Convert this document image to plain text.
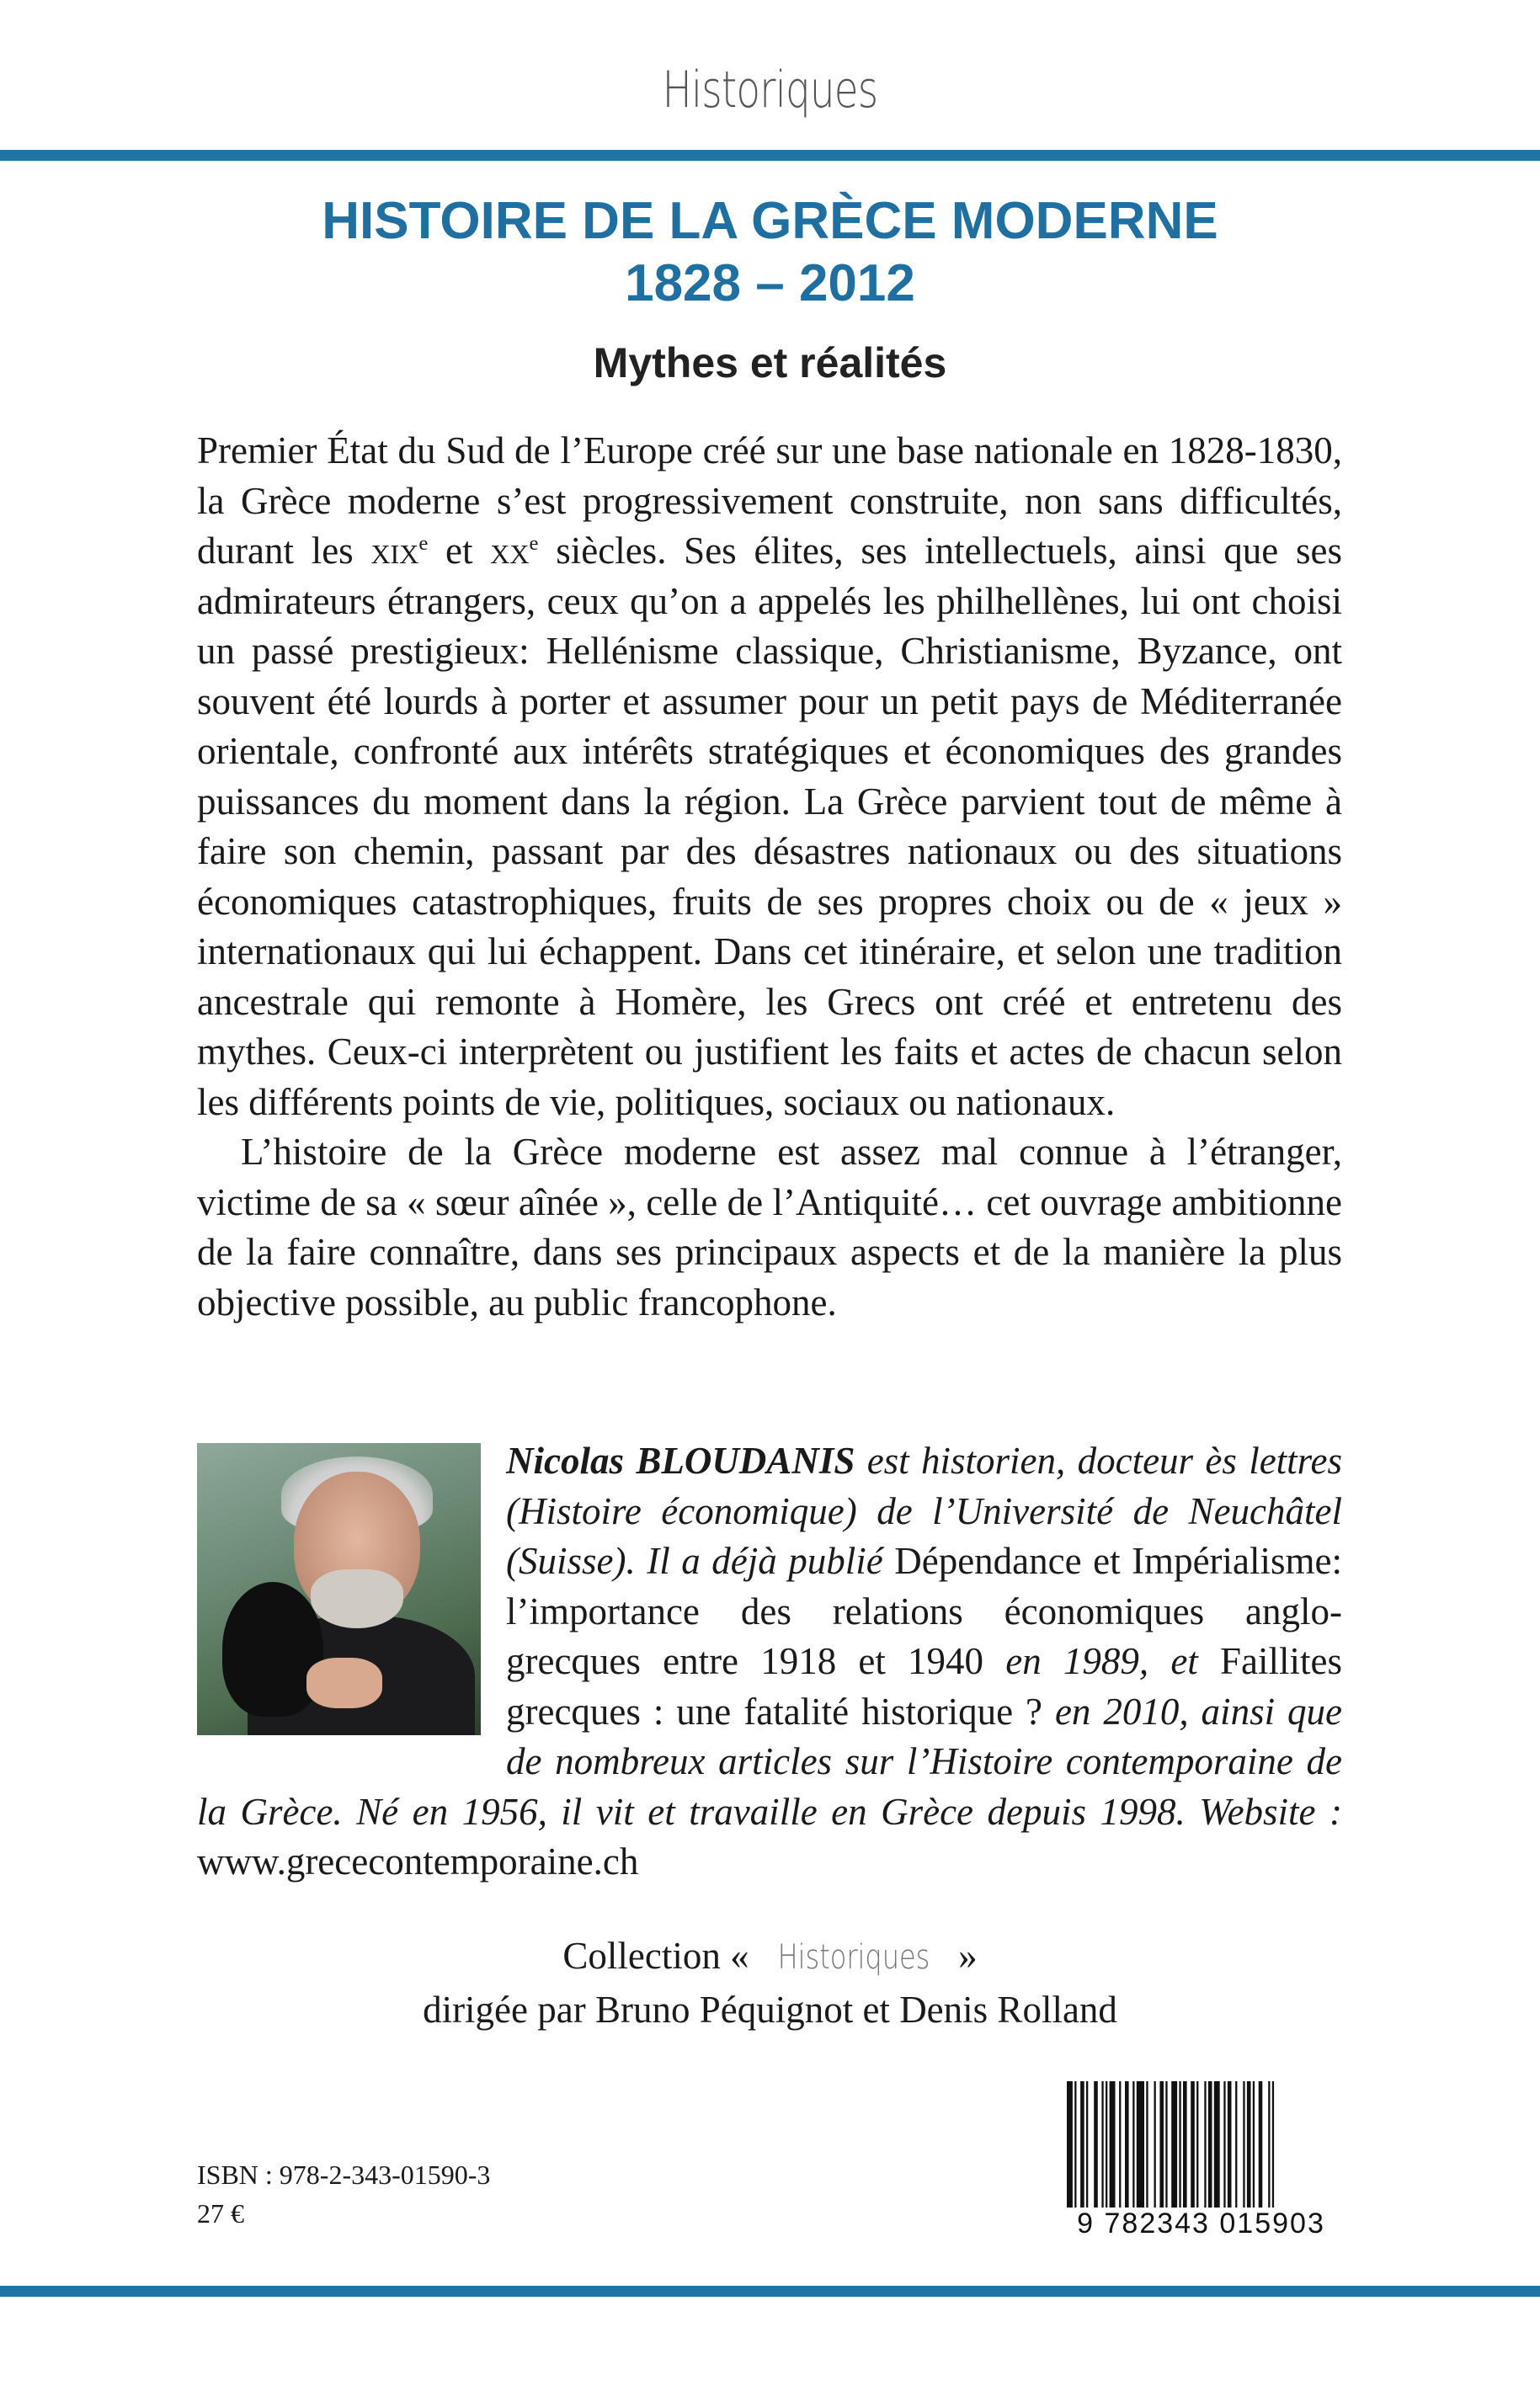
Historiques
HISTOIRE DE LA GRÈCE MODERNE
1828 – 2012
Mythes et réalités

Premier État du Sud de l’Europe créé sur une base nationale en 1828-1830, la Grèce moderne s’est progressivement construite, non sans difficultés, durant les xix$^e$ et $xx^e$ siècles. Ses élites, ses intellectuels, ainsi que ses admirateurs étrangers, ceux qu’on a appelés les philhellènes, lui ont choisi un passé prestigieux: Hellénisme classique, Christianisme, Byzance, ont souvent été lourds à porter et assumer pour un petit pays de Méditerranée orientale, confronté aux intérêts stratégiques et économiques des grandes puissances du moment dans la région. La Grèce parvient tout de même à faire son chemin, passant par des désastres nationaux ou des situations économiques catastrophiques, fruits de ses propres choix ou de « jeux » internationaux qui lui échappent. Dans cet itinéraire, et selon une tradition ancestrale qui remonte à Homère, les Grecs ont créé et entretenu des mythes. Ceux-ci interprètent ou justifient les faits et actes de chacun selon les différents points de vie, politiques, sociaux ou nationaux.

L’histoire de la Grèce moderne est assez mal connue à l’étranger, victime de sa « sœur aînée », celle de l’Antiquité… cet ouvrage ambitionne de la faire connaître, dans ses principaux aspects et de la manière la plus objective possible, au public francophone.

Nicolas BLOUDANIS est historien, docteur ès lettres (Histoire économique) de l’Université de Neuchâtel (Suisse). Il a déjà publié Dépendance et Impérialisme: l’importance des relations économiques anglo-grecques entre 1918 et 1940 en 1989, et Faillites grecques : une fatalité historique ? en 2010, ainsi que de nombreux articles sur l’Histoire contemporaine de la Grèce. Né en 1956, il vit et travaille en Grèce depuis 1998. Website : www.grececontemporaine.ch
Collection « Historiques »
dirigée par Bruno Péquignot et Denis Rolland
ISBN : 978-2-343-01590-3
27 €	9 782343 015903
